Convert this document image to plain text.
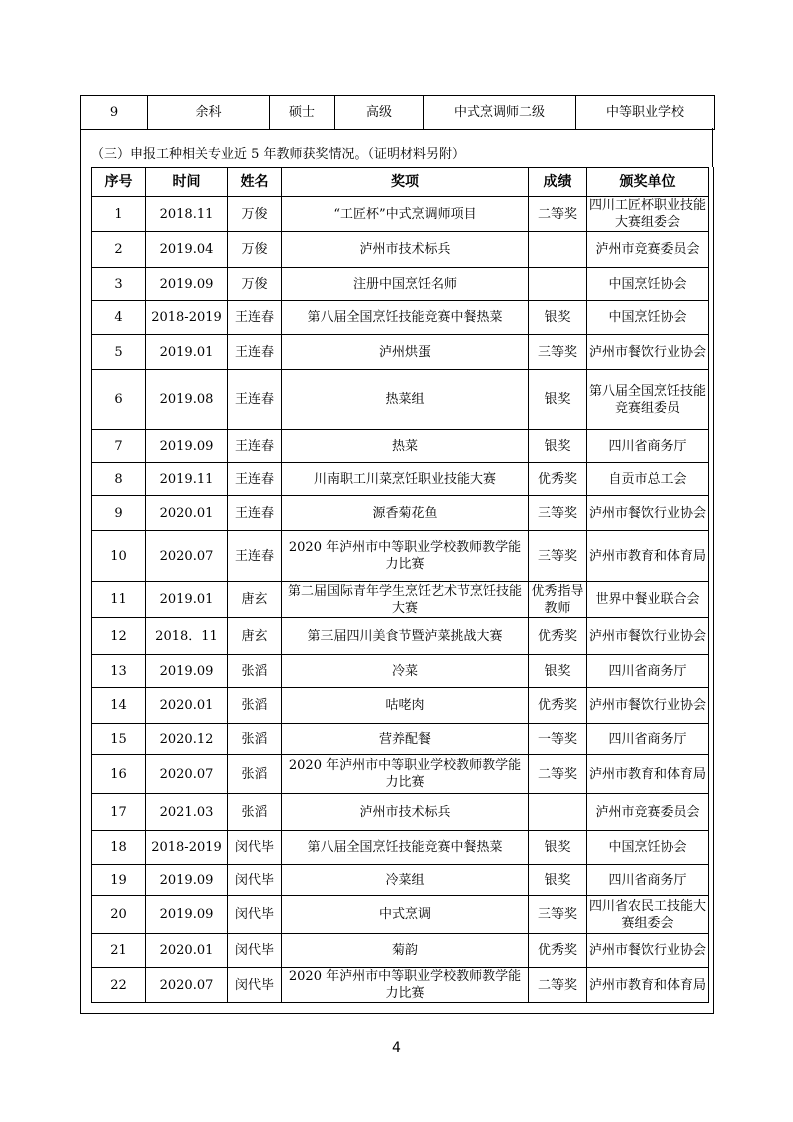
9	余科	硕士	高级	中式烹调师二级	中等职业学校
（三）申报工种相关专业近 5 年教师获奖情况。（证明材料另附）
序号	时间	姓名	奖项	成绩	颁奖单位
1	2018.11	万俊	“工匠杯”中式烹调师项目	二等奖	四川工匠杯职业技能大赛组委会
2	2019.04	万俊	泸州市技术标兵		泸州市竞赛委员会
3	2019.09	万俊	注册中国烹饪名师		中国烹饪协会
4	2018-2019	王连春	第八届全国烹饪技能竞赛中餐热菜	银奖	中国烹饪协会
5	2019.01	王连春	泸州烘蛋	三等奖	泸州市餐饮行业协会
6	2019.08	王连春	热菜组	银奖	第八届全国烹饪技能竞赛组委员
7	2019.09	王连春	热菜	银奖	四川省商务厅
8	2019.11	王连春	川南职工川菜烹饪职业技能大赛	优秀奖	自贡市总工会
9	2020.01	王连春	源香菊花鱼	三等奖	泸州市餐饮行业协会
10	2020.07	王连春	2020 年泸州市中等职业学校教师教学能力比赛	三等奖	泸州市教育和体育局
11	2019.01	唐玄	第二届国际青年学生烹饪艺术节烹饪技能大赛	优秀指导教师	世界中餐业联合会
12	2018．11	唐玄	第三届四川美食节暨泸菜挑战大赛	优秀奖	泸州市餐饮行业协会
13	2019.09	张滔	冷菜	银奖	四川省商务厅
14	2020.01	张滔	咕咾肉	优秀奖	泸州市餐饮行业协会
15	2020.12	张滔	营养配餐	一等奖	四川省商务厅
16	2020.07	张滔	2020 年泸州市中等职业学校教师教学能力比赛	二等奖	泸州市教育和体育局
17	2021.03	张滔	泸州市技术标兵		泸州市竞赛委员会
18	2018-2019	闵代毕	第八届全国烹饪技能竞赛中餐热菜	银奖	中国烹饪协会
19	2019.09	闵代毕	冷菜组	银奖	四川省商务厅
20	2019.09	闵代毕	中式烹调	三等奖	四川省农民工技能大赛组委会
21	2020.01	闵代毕	菊韵	优秀奖	泸州市餐饮行业协会
22	2020.07	闵代毕	2020 年泸州市中等职业学校教师教学能力比赛	二等奖	泸州市教育和体育局
4
